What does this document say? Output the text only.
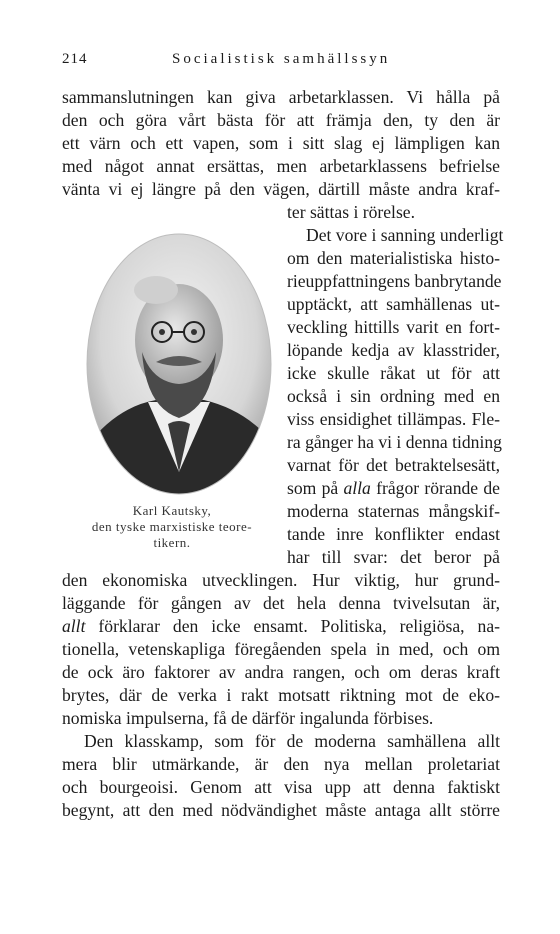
214	Socialistisk samhällssyn
sammanslutningen kan giva arbetarklassen. Vi hålla på
den och göra vårt bästa för att främja den, ty den är
ett värn och ett vapen, som i sitt slag ej lämpligen kan
med något annat ersättas, men arbetarklassens befrielse
vänta vi ej längre på den vägen, därtill måste andra kraf-
ter sättas i rörelse.
Det vore i sanning underligt
om den materialistiska histo-
rieuppfattningens banbrytande
upptäckt, att samhällenas ut-
veckling hittills varit en fort-
löpande kedja av klasstrider,
icke skulle råkat ut för att
också i sin ordning med en
viss ensidighet tillämpas. Fle-
ra gånger ha vi i denna tidning
varnat för det betraktelsesätt,
som på alla frågor rörande de
moderna staternas mångskif-
tande inre konflikter endast
har till svar: det beror på
Karl Kautsky,
den tyske marxistiske teore-
tikern.
den ekonomiska utvecklingen. Hur viktig, hur grund-
läggande för gången av det hela denna tvivelsutan är,
allt förklarar den icke ensamt. Politiska, religiösa, na-
tionella, vetenskapliga föregåenden spela in med, och om
de ock äro faktorer av andra rangen, och om deras kraft
brytes, där de verka i rakt motsatt riktning mot de eko-
nomiska impulserna, få de därför ingalunda förbises.
Den klasskamp, som för de moderna samhällena allt
mera blir utmärkande, är den nya mellan proletariat
och bourgeoisi. Genom att visa upp att denna faktiskt
begynt, att den med nödvändighet måste antaga allt större
